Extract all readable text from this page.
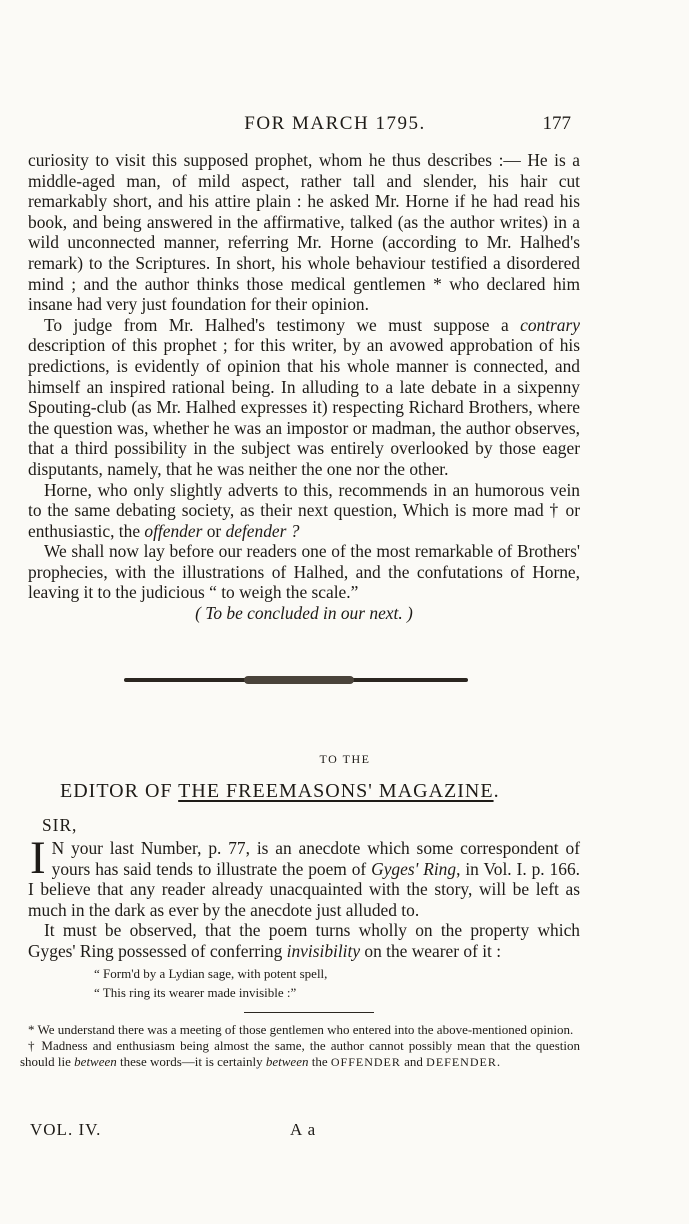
FOR MARCH 1795.	177

curiosity to visit this supposed prophet, whom he thus describes :— He is a middle-aged man, of mild aspect, rather tall and slender, his hair cut remarkably short, and his attire plain : he asked Mr. Horne if he had read his book, and being answered in the affirmative, talked (as the author writes) in a wild unconnected manner, referring Mr. Horne (according to Mr. Halhed's remark) to the Scriptures. In short, his whole behaviour testified a disordered mind ; and the author thinks those medical gentlemen * who declared him insane had very just foundation for their opinion.

To judge from Mr. Halhed's testimony we must suppose a contrary description of this prophet ; for this writer, by an avowed approbation of his predictions, is evidently of opinion that his whole manner is connected, and himself an inspired rational being. In alluding to a late debate in a sixpenny Spouting-club (as Mr. Halhed expresses it) respecting Richard Brothers, where the question was, whether he was an impostor or madman, the author observes, that a third possibility in the subject was entirely overlooked by those eager disputants, namely, that he was neither the one nor the other.

Horne, who only slightly adverts to this, recommends in an humorous vein to the same debating society, as their next question, Which is more mad † or enthusiastic, the offender or defender ?

We shall now lay before our readers one of the most remarkable of Brothers' prophecies, with the illustrations of Halhed, and the confutations of Horne, leaving it to the judicious “ to weigh the scale.”

( To be concluded in our next. )

TO THE
EDITOR OF THE FREEMASONS' MAGAZINE.
SIR,

I N your last Number, p. 77, is an anecdote which some correspondent of yours has said tends to illustrate the poem of Gyges' Ring, in Vol. I. p. 166. I believe that any reader already unacquainted with the story, will be left as much in the dark as ever by the anecdote just alluded to.

It must be observed, that the poem turns wholly on the property which Gyges' Ring possessed of conferring invisibility on the wearer of it :

“ Form'd by a Lydian sage, with potent spell,
“ This ring its wearer made invisible :”

* We understand there was a meeting of those gentlemen who entered into the above-mentioned opinion.

† Madness and enthusiasm being almost the same, the author cannot possibly mean that the question should lie between these words—it is certainly between the OFFENDER and DEFENDER.

VOL. IV.	A a
